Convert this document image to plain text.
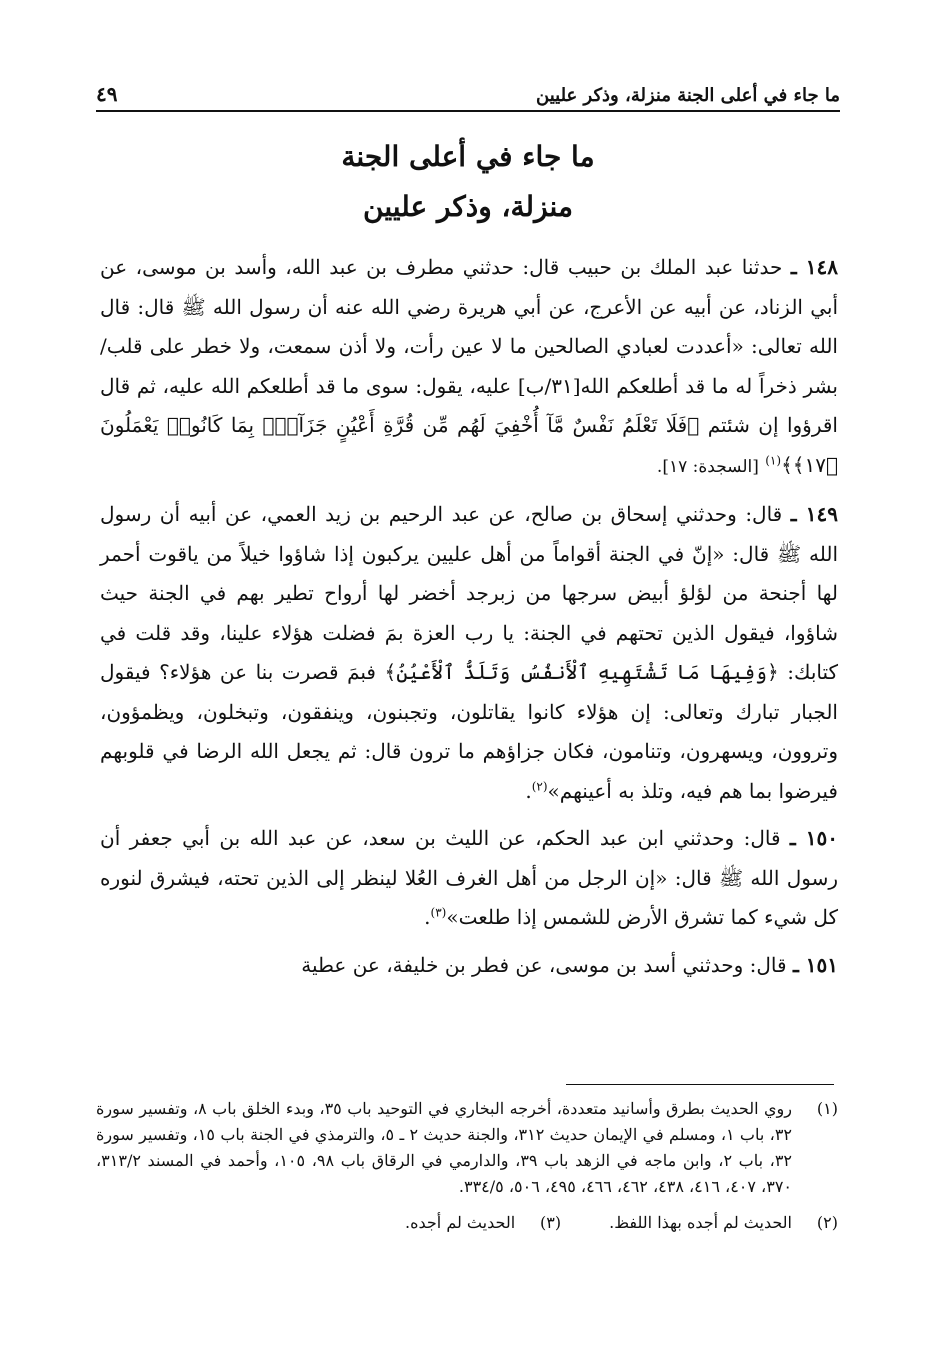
ما جاء في أعلى الجنة منزلة، وذكر عليين
٤٩
ما جاء في أعلى الجنة
منزلة، وذكر عليين

١٤٨ ـ حدثنا عبد الملك بن حبيب قال: حدثني مطرف بن عبد الله، وأسد بن موسى، عن أبي الزناد، عن أبيه عن الأعرج، عن أبي هريرة رضي الله عنه أن رسول الله ﷺ قال: قال الله تعالى: «أعددت لعبادي الصالحين ما لا عين رأت، ولا أذن سمعت، ولا خطر على قلب/ بشر ذخراً له ما قد أطلعكم الله[٣١/ب] عليه، يقول: سوى ما قد أطلعكم الله عليه، ثم قال اقرؤوا إن شئتم ﴿فَلَا تَعْلَمُ نَفْسٌ مَّآ أُخْفِيَ لَهُم مِّن قُرَّةِ أَعْيُنٍ جَزَآءًۢ بِمَا كَانُوا۟ يَعْمَلُونَ ﴿١٧﴾﴾$^{(١)}$ [السجدة: ١٧].

١٤٩ ـ قال: وحدثني إسحاق بن صالح، عن عبد الرحيم بن زيد العمي، عن أبيه أن رسول الله ﷺ قال: «إنّ في الجنة أقواماً من أهل عليين يركبون إذا شاؤوا خيلاً من ياقوت أحمر لها أجنحة من لؤلؤ أبيض سرجها من زبرجد أخضر لها أرواح تطير بهم في الجنة حيث شاؤوا، فيقول الذين تحتهم في الجنة: يا رب العزة بمَ فضلت هؤلاء علينا، وقد قلت في كتابك: ﴿وَفِيهَا مَا تَشْتَهِيهِ ٱلْأَنفُسُ وَتَلَذُّ ٱلْأَعْيُنُ﴾ فبمَ قصرت بنا عن هؤلاء؟ فيقول الجبار تبارك وتعالى: إن هؤلاء كانوا يقاتلون، وتجبنون، وينفقون، وتبخلون، ويظمؤون، وتروون، ويسهرون، وتنامون، فكان جزاؤهم ما ترون قال: ثم يجعل الله الرضا في قلوبهم فيرضوا بما هم فيه، وتلذ به أعينهم»$^{(٢)}$.

١٥٠ ـ قال: وحدثني ابن عبد الحكم، عن الليث بن سعد، عن عبد الله بن أبي جعفر أن رسول الله ﷺ قال: «إن الرجل من أهل الغرف العُلا لينظر إلى الذين تحته، فيشرق لنوره كل شيء كما تشرق الأرض للشمس إذا طلعت»$^{(٣)}$.

١٥١ ـ قال: وحدثني أسد بن موسى، عن فطر بن خليفة، عن عطية

(١)
روي الحديث بطرق وأسانيد متعددة، أخرجه البخاري في التوحيد باب ٣٥، وبدء الخلق باب ٨، وتفسير سورة ٣٢، باب ١، ومسلم في الإيمان حديث ٣١٢، والجنة حديث ٢ ـ ٥، والترمذي في الجنة باب ١٥، وتفسير سورة ٣٢، باب ٢، وابن ماجه في الزهد باب ٣٩، والدارمي في الرقاق باب ٩٨، ١٠٥، وأحمد في المسند ٣١٣/٢، ٣٧٠، ٤٠٧، ٤١٦، ٤٣٨، ٤٦٢، ٤٦٦، ٤٩٥، ٥٠٦، ٣٣٤/٥.
(٢)
الحديث لم أجده بهذا اللفظ.
(٣)
الحديث لم أجده.
